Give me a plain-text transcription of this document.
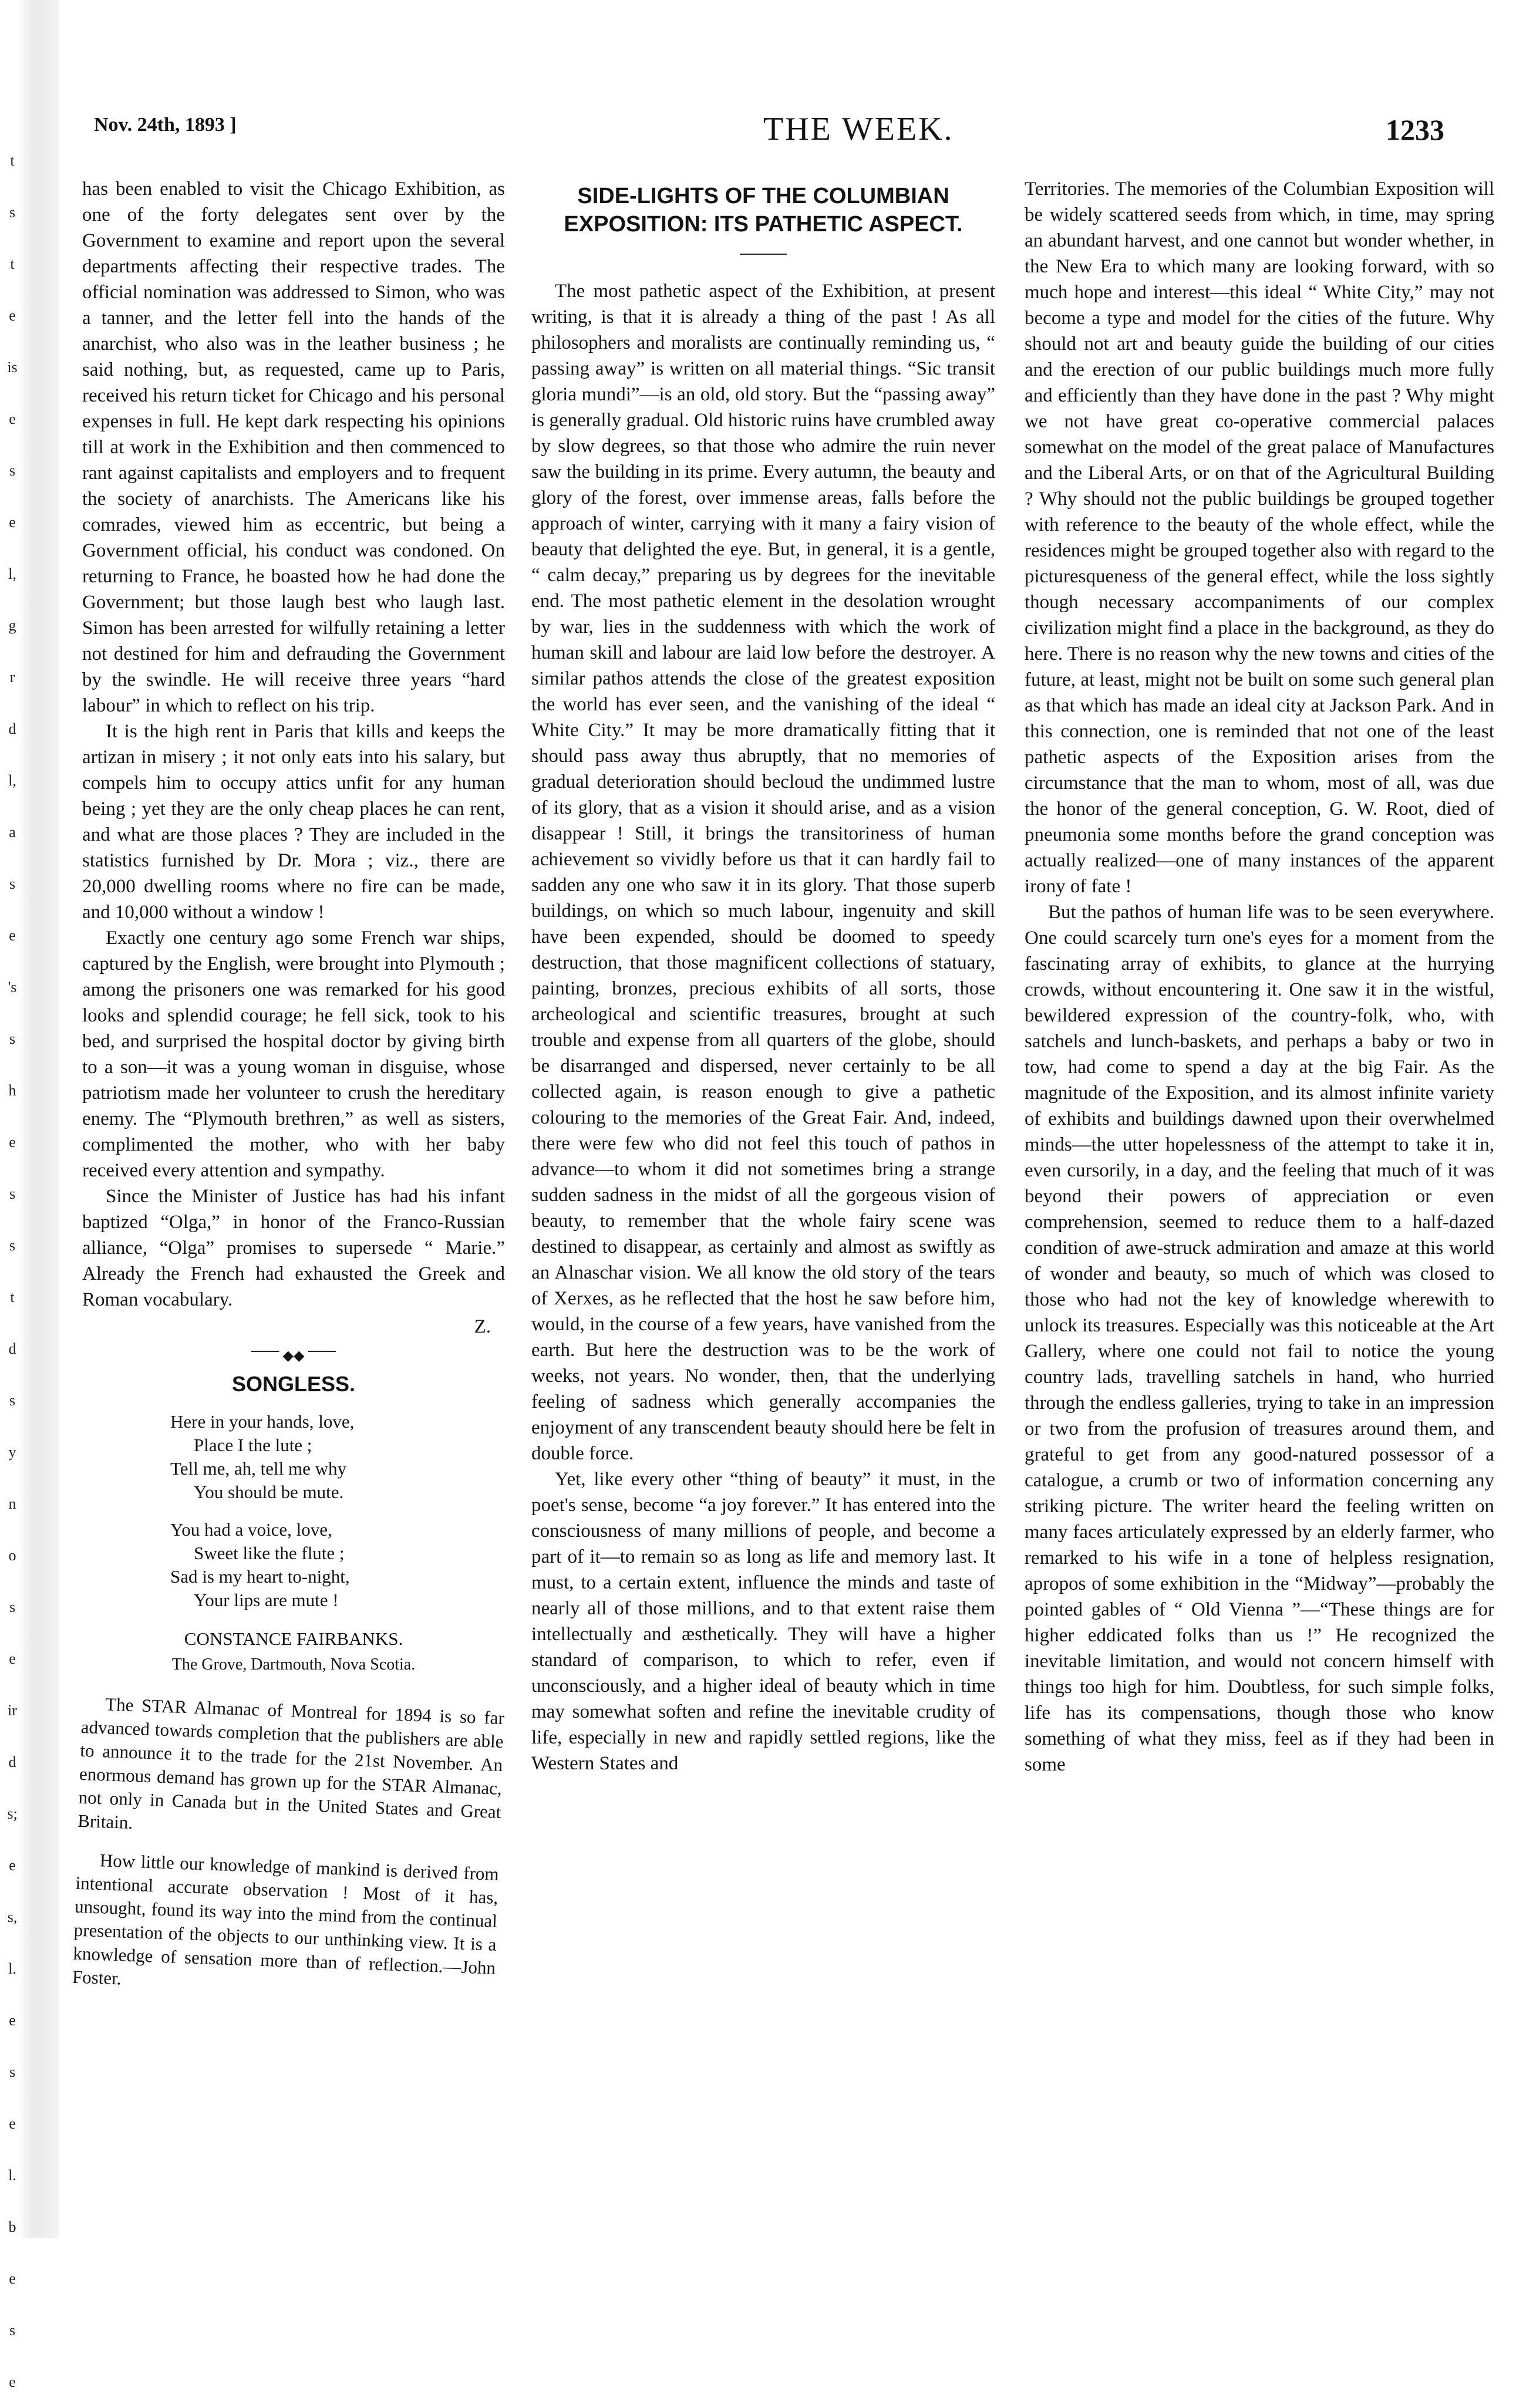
t
s
t
e
is
e
s
e
l,
g
r
d
l,
a
s
e
's
s
h
e
s
s
t
d
s
y
n
o
s
e
ir
d
s;
e
s,
l.
e
s
e
l.
b
e
s
e
Nov. 24th, 1893 ]	THE WEEK.	1233

has been enabled to visit the Chicago Exhibition, as one of the forty delegates sent over by the Government to examine and report upon the several departments affecting their respective trades. The official nomination was addressed to Simon, who was a tanner, and the letter fell into the hands of the anarchist, who also was in the leather business ; he said nothing, but, as requested, came up to Paris, received his return ticket for Chicago and his personal expenses in full. He kept dark respecting his opinions till at work in the Exhibition and then commenced to rant against capitalists and employers and to frequent the society of anarchists. The Americans like his comrades, viewed him as eccentric, but being a Government official, his conduct was condoned. On returning to France, he boasted how he had done the Government; but those laugh best who laugh last. Simon has been arrested for wilfully retaining a letter not destined for him and defrauding the Government by the swindle. He will receive three years “hard labour” in which to reflect on his trip.

It is the high rent in Paris that kills and keeps the artizan in misery ; it not only eats into his salary, but compels him to occupy attics unfit for any human being ; yet they are the only cheap places he can rent, and what are those places ? They are included in the statistics furnished by Dr. Mora ; viz., there are 20,000 dwelling rooms where no fire can be made, and 10,000 without a window !

Exactly one century ago some French war ships, captured by the English, were brought into Plymouth ; among the prisoners one was remarked for his good looks and splendid courage; he fell sick, took to his bed, and surprised the hospital doctor by giving birth to a son—it was a young woman in disguise, whose patriotism made her volunteer to crush the hereditary enemy. The “Plymouth brethren,” as well as sisters, complimented the mother, who with her baby received every attention and sympathy.

Since the Minister of Justice has had his infant baptized “Olga,” in honor of the Franco-Russian alliance, “Olga” promises to supersede “ Marie.” Already the French had exhausted the Greek and Roman vocabulary.

Z.
◆◆
SONGLESS.
Here in your hands, love,
Place I the lute ;
Tell me, ah, tell me why
You should be mute.
You had a voice, love,
Sweet like the flute ;
Sad is my heart to-night,
Your lips are mute !
CONSTANCE FAIRBANKS.
The Grove, Dartmouth, Nova Scotia.

The STAR Almanac of Montreal for 1894 is so far advanced towards completion that the publishers are able to announce it to the trade for the 21st November. An enormous demand has grown up for the STAR Almanac, not only in Canada but in the United States and Great Britain.

How little our knowledge of mankind is derived from intentional accurate observation ! Most of it has, unsought, found its way into the mind from the continual presentation of the objects to our unthinking view. It is a knowledge of sensation more than of reflection.—John Foster.

SIDE-LIGHTS OF THE COLUMBIAN EXPOSITION: ITS PATHETIC ASPECT.

The most pathetic aspect of the Exhibition, at present writing, is that it is already a thing of the past ! As all philosophers and moralists are continually reminding us, “ passing away” is written on all material things. “Sic transit gloria mundi”—is an old, old story. But the “passing away” is generally gradual. Old historic ruins have crumbled away by slow degrees, so that those who admire the ruin never saw the building in its prime. Every autumn, the beauty and glory of the forest, over immense areas, falls before the approach of winter, carrying with it many a fairy vision of beauty that delighted the eye. But, in general, it is a gentle, “ calm decay,” preparing us by degrees for the inevitable end. The most pathetic element in the desolation wrought by war, lies in the suddenness with which the work of human skill and labour are laid low before the destroyer. A similar pathos attends the close of the greatest exposition the world has ever seen, and the vanishing of the ideal “ White City.” It may be more dramatically fitting that it should pass away thus abruptly, that no memories of gradual deterioration should becloud the undimmed lustre of its glory, that as a vision it should arise, and as a vision disappear ! Still, it brings the transitoriness of human achievement so vividly before us that it can hardly fail to sadden any one who saw it in its glory. That those superb buildings, on which so much labour, ingenuity and skill have been expended, should be doomed to speedy destruction, that those magnificent collections of statuary, painting, bronzes, precious exhibits of all sorts, those archeological and scientific treasures, brought at such trouble and expense from all quarters of the globe, should be disarranged and dispersed, never certainly to be all collected again, is reason enough to give a pathetic colouring to the memories of the Great Fair. And, indeed, there were few who did not feel this touch of pathos in advance—to whom it did not sometimes bring a strange sudden sadness in the midst of all the gorgeous vision of beauty, to remember that the whole fairy scene was destined to disappear, as certainly and almost as swiftly as an Alnaschar vision. We all know the old story of the tears of Xerxes, as he reflected that the host he saw before him, would, in the course of a few years, have vanished from the earth. But here the destruction was to be the work of weeks, not years. No wonder, then, that the underlying feeling of sadness which generally accompanies the enjoyment of any transcendent beauty should here be felt in double force.

Yet, like every other “thing of beauty” it must, in the poet's sense, become “a joy forever.” It has entered into the consciousness of many millions of people, and become a part of it—to remain so as long as life and memory last. It must, to a certain extent, influence the minds and taste of nearly all of those millions, and to that extent raise them intellectually and æsthetically. They will have a higher standard of comparison, to which to refer, even if unconsciously, and a higher ideal of beauty which in time may somewhat soften and refine the inevitable crudity of life, especially in new and rapidly settled regions, like the Western States and

Territories. The memories of the Columbian Exposition will be widely scattered seeds from which, in time, may spring an abundant harvest, and one cannot but wonder whether, in the New Era to which many are looking forward, with so much hope and interest—this ideal “ White City,” may not become a type and model for the cities of the future. Why should not art and beauty guide the building of our cities and the erection of our public buildings much more fully and efficiently than they have done in the past ? Why might we not have great co-operative commercial palaces somewhat on the model of the great palace of Manufactures and the Liberal Arts, or on that of the Agricultural Building ? Why should not the public buildings be grouped together with reference to the beauty of the whole effect, while the residences might be grouped together also with regard to the picturesqueness of the general effect, while the loss sightly though necessary accompaniments of our complex civilization might find a place in the background, as they do here. There is no reason why the new towns and cities of the future, at least, might not be built on some such general plan as that which has made an ideal city at Jackson Park. And in this connection, one is reminded that not one of the least pathetic aspects of the Exposition arises from the circumstance that the man to whom, most of all, was due the honor of the general conception, G. W. Root, died of pneumonia some months before the grand conception was actually realized—one of many instances of the apparent irony of fate !

But the pathos of human life was to be seen everywhere. One could scarcely turn one's eyes for a moment from the fascinating array of exhibits, to glance at the hurrying crowds, without encountering it. One saw it in the wistful, bewildered expression of the country-folk, who, with satchels and lunch-baskets, and perhaps a baby or two in tow, had come to spend a day at the big Fair. As the magnitude of the Exposition, and its almost infinite variety of exhibits and buildings dawned upon their overwhelmed minds—the utter hopelessness of the attempt to take it in, even cursorily, in a day, and the feeling that much of it was beyond their powers of appreciation or even comprehension, seemed to reduce them to a half-dazed condition of awe-struck admiration and amaze at this world of wonder and beauty, so much of which was closed to those who had not the key of knowledge wherewith to unlock its treasures. Especially was this noticeable at the Art Gallery, where one could not fail to notice the young country lads, travelling satchels in hand, who hurried through the endless galleries, trying to take in an impression or two from the profusion of treasures around them, and grateful to get from any good-natured possessor of a catalogue, a crumb or two of information concerning any striking picture. The writer heard the feeling written on many faces articulately expressed by an elderly farmer, who remarked to his wife in a tone of helpless resignation, apropos of some exhibition in the “Midway”—probably the pointed gables of “ Old Vienna ”—“These things are for higher eddicated folks than us !” He recognized the inevitable limitation, and would not concern himself with things too high for him. Doubtless, for such simple folks, life has its compensations, though those who know something of what they miss, feel as if they had been in some
